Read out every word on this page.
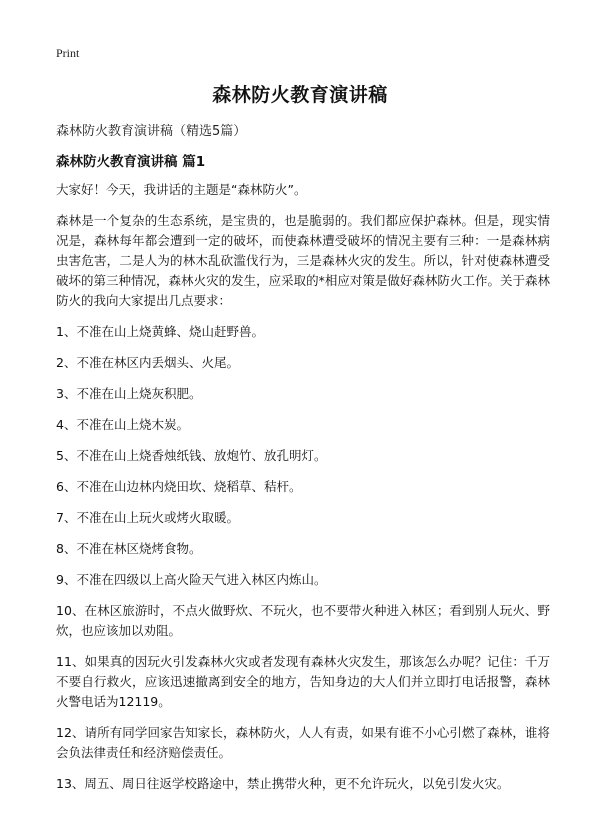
Print
森林防火教育演讲稿
森林防火教育演讲稿（精选5篇）
森林防火教育演讲稿 篇1

大家好！今天，我讲话的主题是“森林防火”。

森林是一个复杂的生态系统，是宝贵的，也是脆弱的。我们都应保护森林。但是，现实情况是，森林每年都会遭到一定的破坏，而使森林遭受破坏的情况主要有三种：一是森林病虫害危害，二是人为的林木乱砍滥伐行为，三是森林火灾的发生。所以，针对使森林遭受破坏的第三种情况，森林火灾的发生，应采取的*相应对策是做好森林防火工作。关于森林防火的我向大家提出几点要求：

1、不准在山上烧黄蜂、烧山赶野兽。

2、不准在林区内丢烟头、火尾。

3、不准在山上烧灰积肥。

4、不准在山上烧木炭。

5、不准在山上烧香烛纸钱、放炮竹、放孔明灯。

6、不准在山边林内烧田坎、烧稻草、秸杆。

7、不准在山上玩火或烤火取暖。

8、不准在林区烧烤食物。

9、不准在四级以上高火险天气进入林区内炼山。

10、在林区旅游时，不点火做野炊、不玩火，也不要带火种进入林区；看到别人玩火、野炊，也应该加以劝阻。

11、如果真的因玩火引发森林火灾或者发现有森林火灾发生，那该怎么办呢？记住：千万不要自行救火，应该迅速撤离到安全的地方，告知身边的大人们并立即打电话报警，森林火警电话为12119。

12、请所有同学回家告知家长，森林防火，人人有责，如果有谁不小心引燃了森林，谁将会负法律责任和经济赔偿责任。

13、周五、周日往返学校路途中，禁止携带火种，更不允许玩火，以免引发火灾。
